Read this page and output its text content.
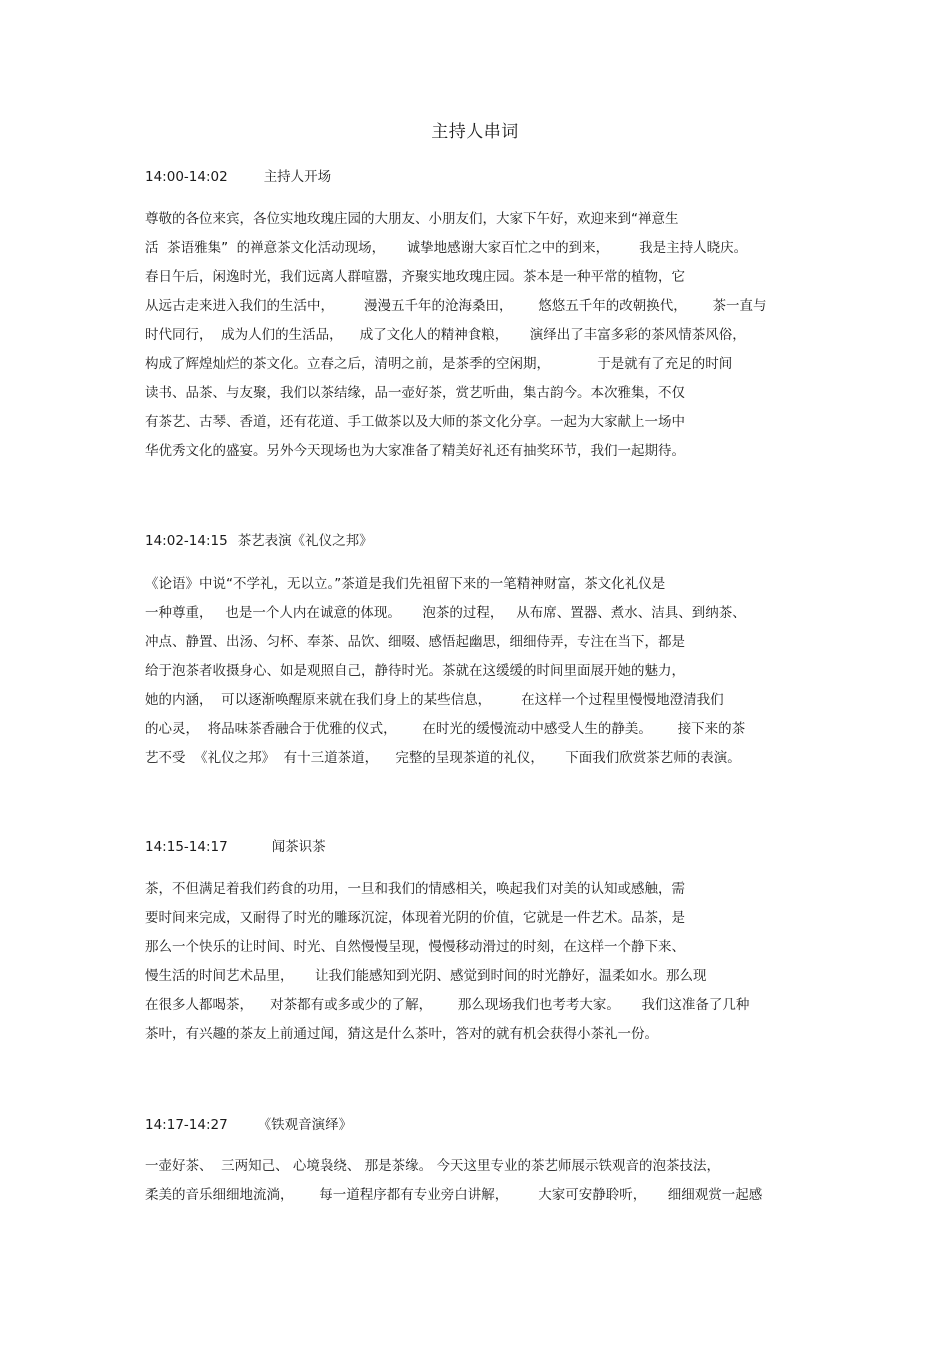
主持人串词
14:00-14:02	主持人开场
尊敬的各位来宾，各位实地玫瑰庄园的大朋友、小朋友们，大家下午好，欢迎来到“禅意生
活  茶语雅集”  的禅意茶文化活动现场，     诚挚地感谢大家百忙之中的到来，       我是主持人晓庆。
春日午后，闲逸时光，我们远离人群喧嚣，齐聚实地玫瑰庄园。茶本是一种平常的植物，它
从远古走来进入我们的生活中，       漫漫五千年的沧海桑田，      悠悠五千年的改朝换代，      茶一直与
时代同行，  成为人们的生活品，    成了文化人的精神食粮，     演绎出了丰富多彩的茶风情茶风俗，
构成了辉煌灿烂的茶文化。立春之后，清明之前，是茶季的空闲期，           于是就有了充足的时间
读书、品茶、与友聚，我们以茶结缘，品一壶好茶，赏艺听曲，集古韵今。本次雅集，不仅
有茶艺、古琴、香道，还有花道、手工做茶以及大师的茶文化分享。一起为大家献上一场中
华优秀文化的盛宴。另外今天现场也为大家准备了精美好礼还有抽奖环节，我们一起期待。
14:02-14:15 茶艺表演《礼仪之邦》
《论语》中说“不学礼，无以立。”茶道是我们先祖留下来的一笔精神财富，茶文化礼仪是
一种尊重，   也是一个人内在诚意的体现。     泡茶的过程，   从布席、置器、煮水、洁具、到纳茶、
冲点、静置、出汤、匀杯、奉茶、品饮、细啜、感悟起幽思，细细侍弄，专注在当下，都是
给于泡茶者收摄身心、如是观照自己，静待时光。茶就在这缓缓的时间里面展开她的魅力，
她的内涵，  可以逐渐唤醒原来就在我们身上的某些信息，       在这样一个过程里慢慢地澄清我们
的心灵，  将品味茶香融合于优雅的仪式，      在时光的缓慢流动中感受人生的静美。      接下来的茶
艺不受  《礼仪之邦》  有十三道茶道，    完整的呈现茶道的礼仪，     下面我们欣赏茶艺师的表演。
14:15-14:17	闻茶识茶
茶，不但满足着我们药食的功用，一旦和我们的情感相关，唤起我们对美的认知或感触，需
要时间来完成，又耐得了时光的雕琢沉淀，体现着光阴的价值，它就是一件艺术。品茶，是
那么一个快乐的让时间、时光、自然慢慢呈现，慢慢移动滑过的时刻，在这样一个静下来、
慢生活的时间艺术品里，     让我们能感知到光阴、感觉到时间的时光静好，温柔如水。那么现
在很多人都喝茶，    对茶都有或多或少的了解，      那么现场我们也考考大家。     我们这准备了几种
茶叶，有兴趣的茶友上前通过闻，猜这是什么茶叶，答对的就有机会获得小茶礼一份。
14:17-14:27 《铁观音演绎》
一壶好茶、  三两知己、 心境袅绕、 那是茶缘。 今天这里专业的茶艺师展示铁观音的泡茶技法，
柔美的音乐细细地流淌，      每一道程序都有专业旁白讲解，       大家可安静聆听，     细细观赏一起感
